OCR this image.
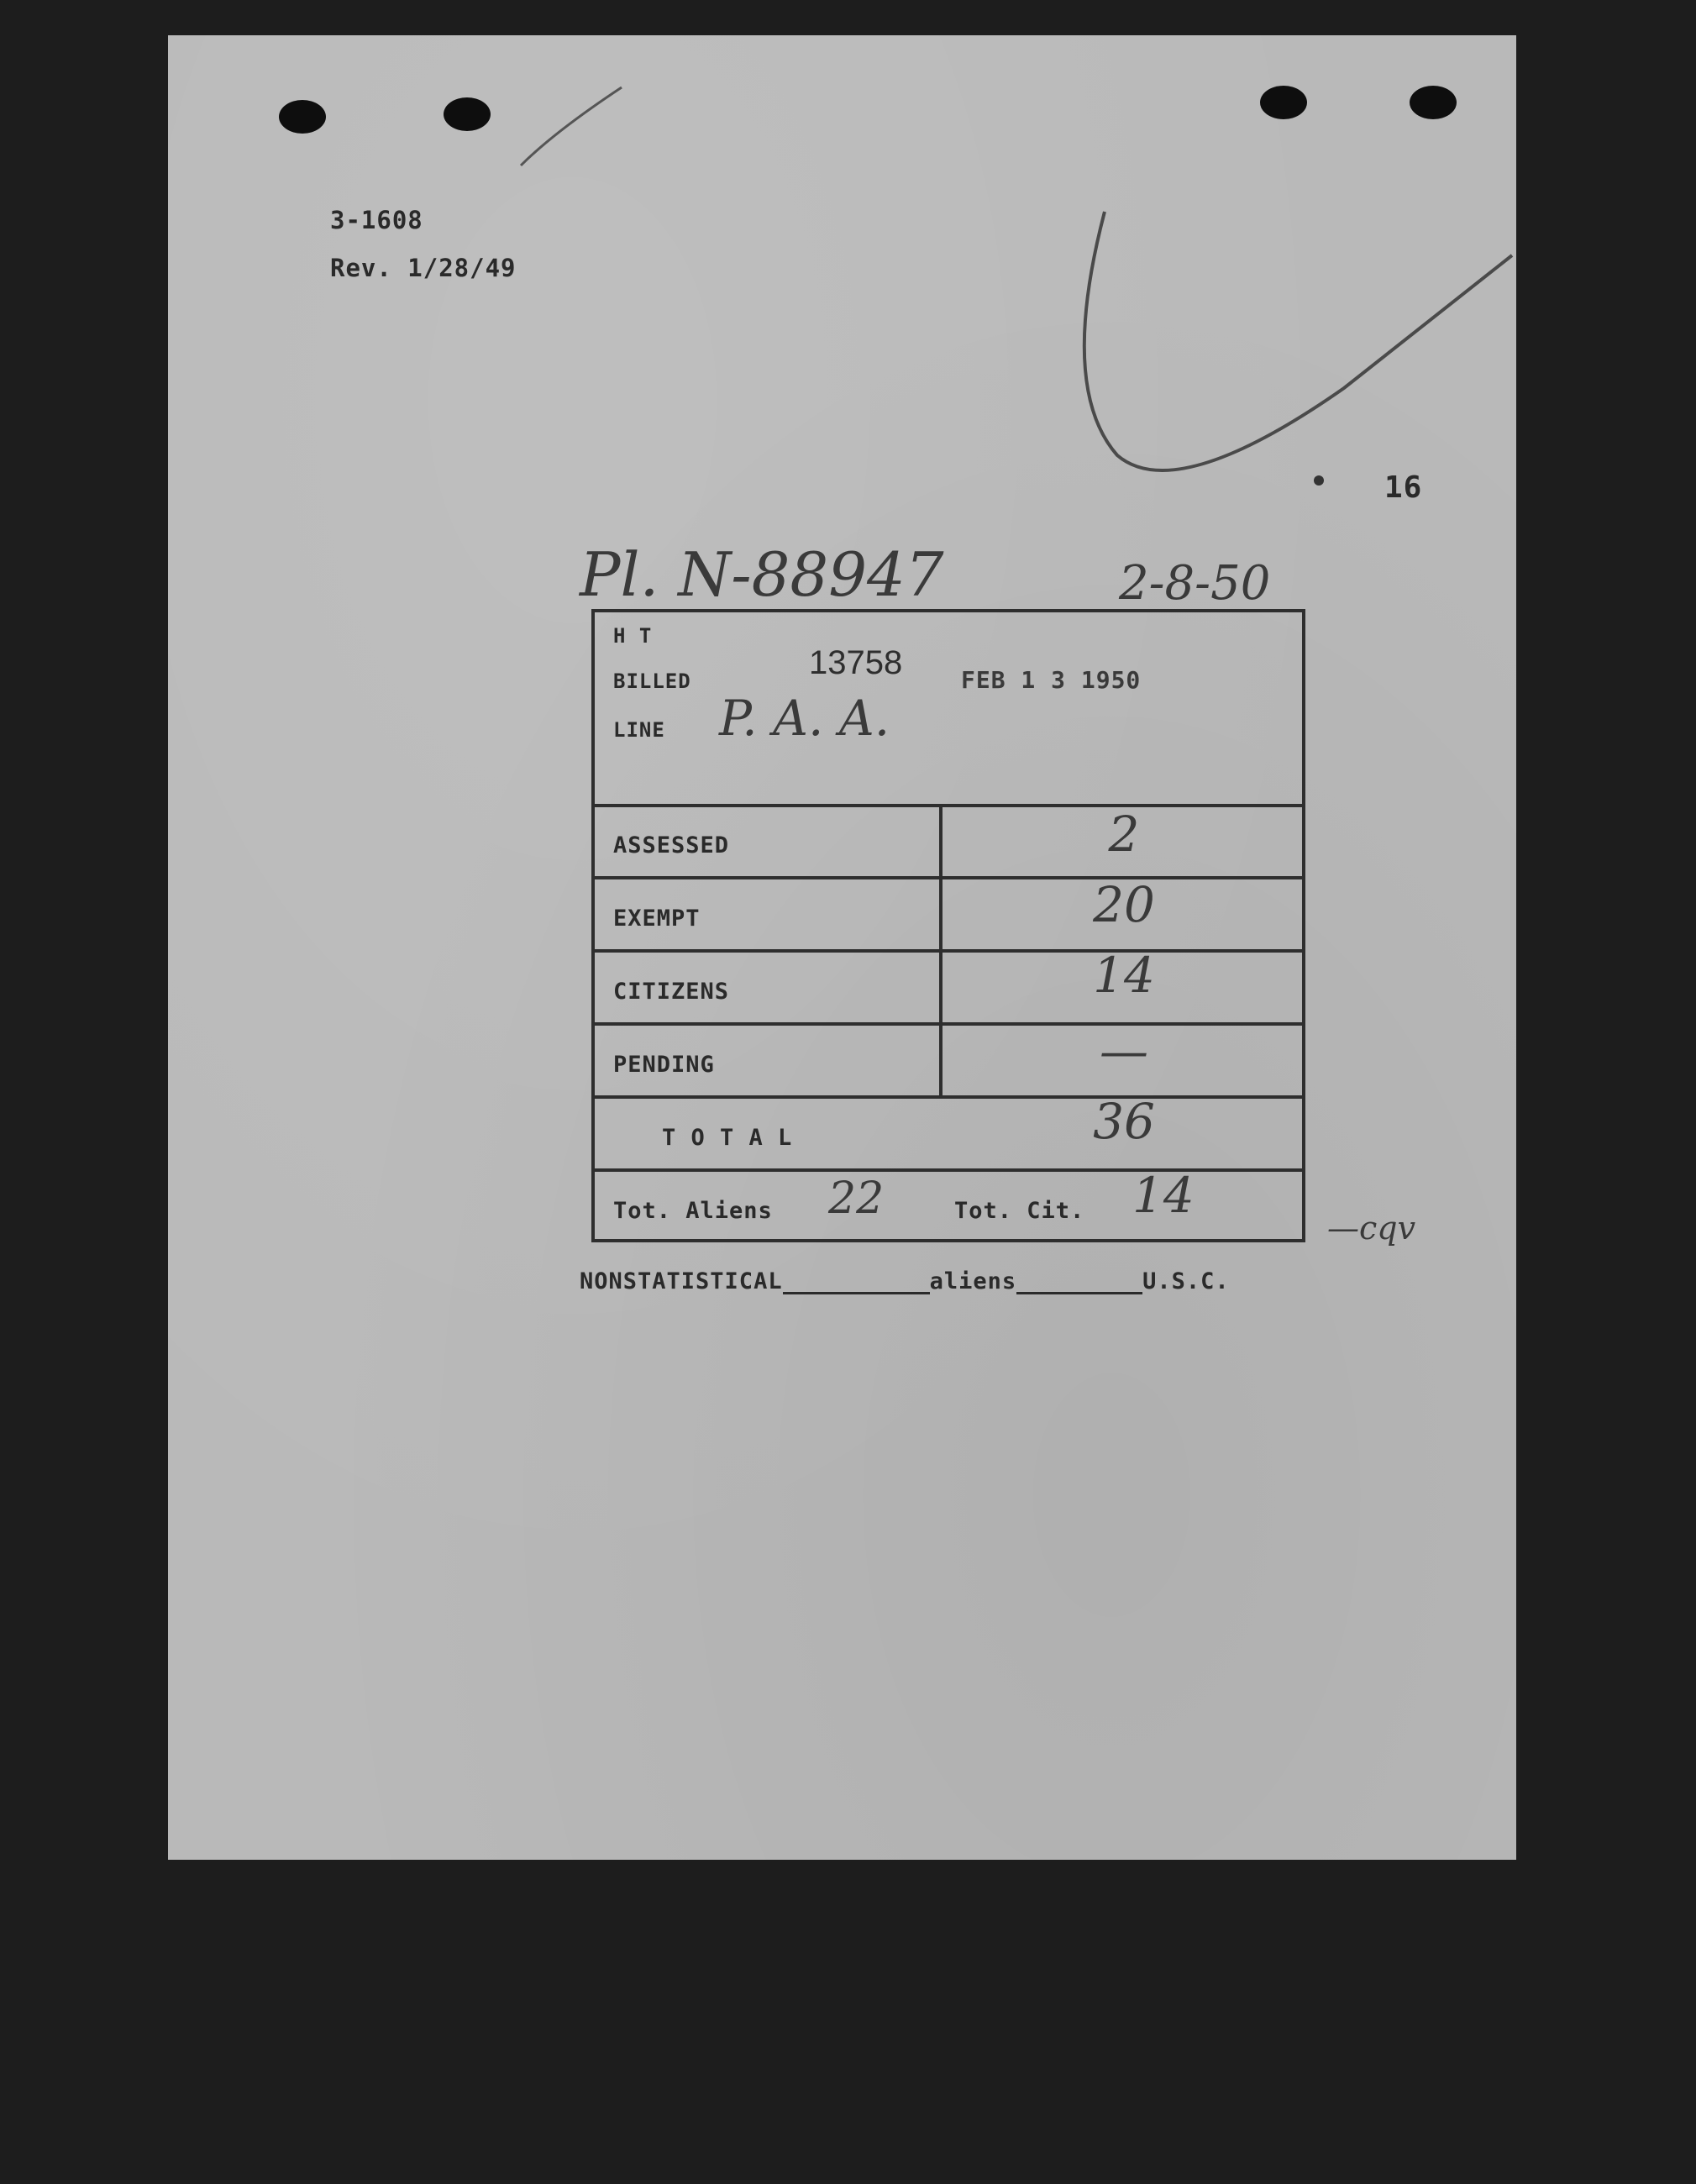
3-1608
Rev. 1/28/49
16
Pl. N-88947	2-8-50
H T
BILLED	13758 FEB 1 3 1950
LINE P. A. A.
ASSESSED	2
EXEMPT	20
CITIZENS	14
PENDING	—
T O T A L	36
Tot. Aliens 22	Tot. Cit. 14
—cqv
NONSTATISTICAL	aliens	U.S.C.
